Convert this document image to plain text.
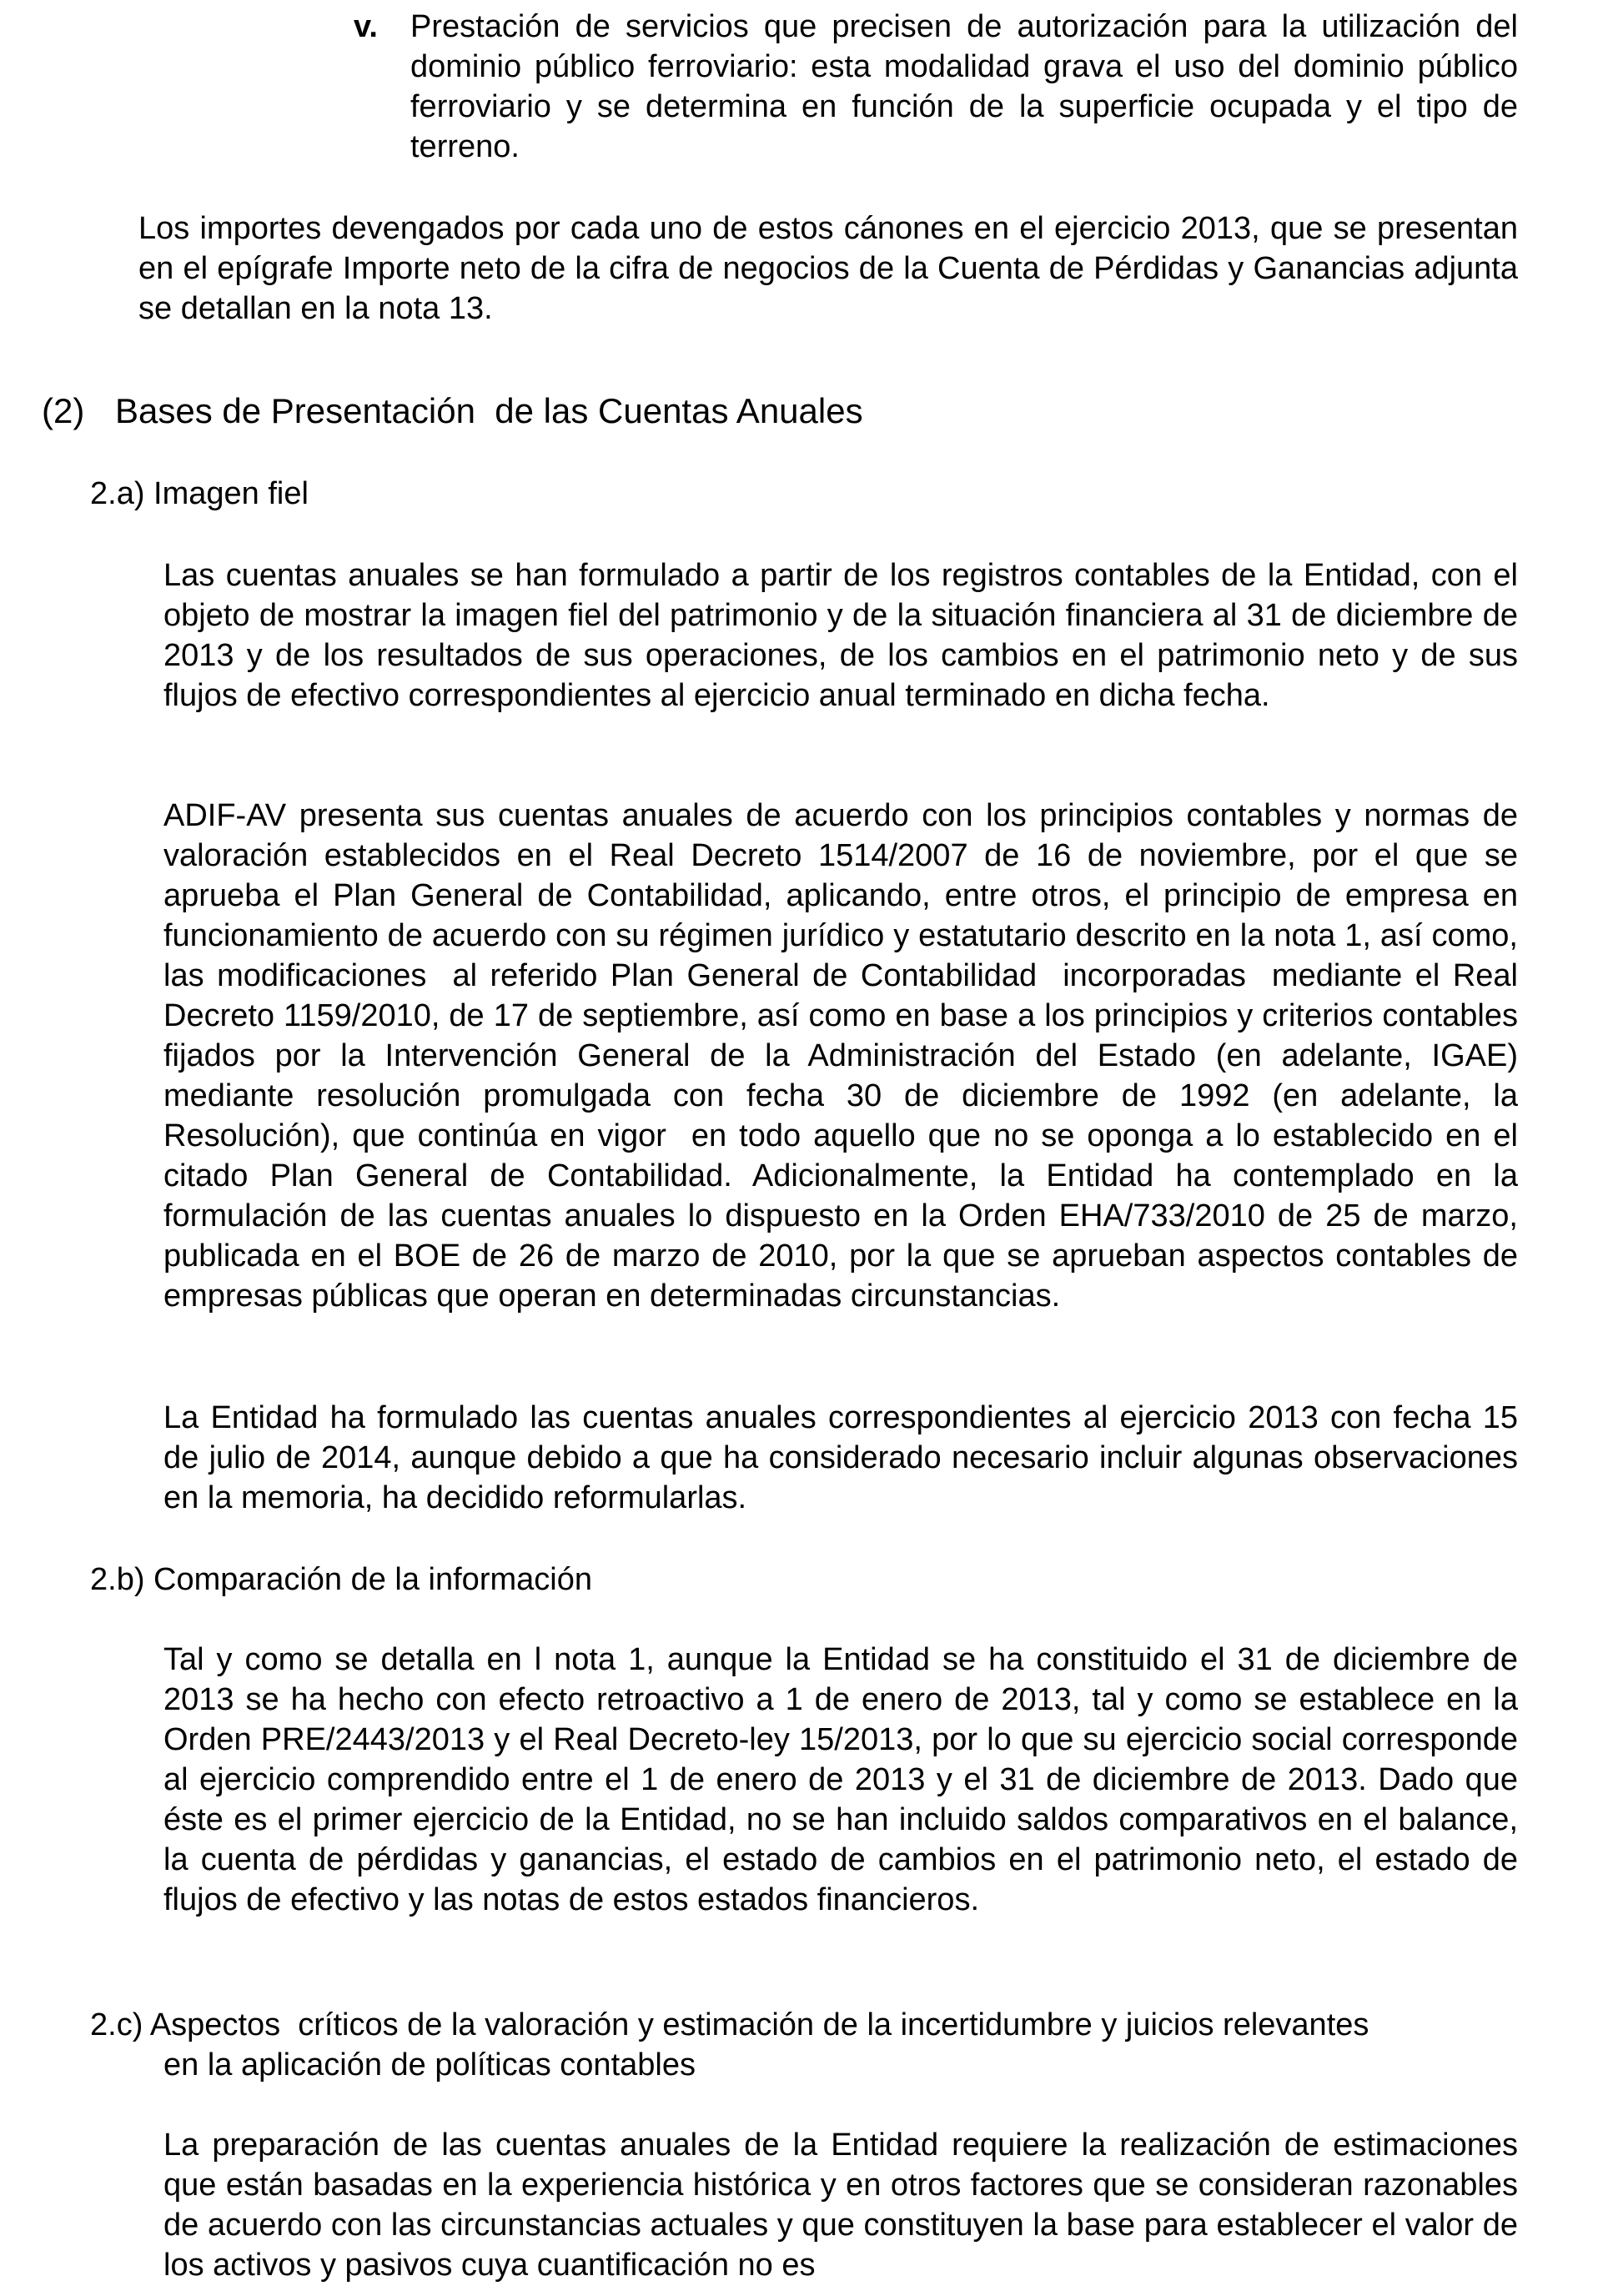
v. Prestación de servicios que precisen de autorización para la utilización del dominio público ferroviario: esta modalidad grava el uso del dominio público ferroviario y se determina en función de la superficie ocupada y el tipo de terreno.

Los importes devengados por cada uno de estos cánones en el ejercicio 2013, que se presentan en el epígrafe Importe neto de la cifra de negocios de la Cuenta de Pérdidas y Ganancias adjunta se detallan en la nota 13.

(2) Bases de Presentación  de las Cuentas Anuales
2.a) Imagen fiel

Las cuentas anuales se han formulado a partir de los registros contables de la Entidad, con el objeto de mostrar la imagen fiel del patrimonio y de la situación financiera al 31 de diciembre de 2013 y de los resultados de sus operaciones, de los cambios en el patrimonio neto y de sus flujos de efectivo correspondientes al ejercicio anual terminado en dicha fecha.

ADIF-AV presenta sus cuentas anuales de acuerdo con los principios contables y normas de valoración establecidos en el Real Decreto 1514/2007 de 16 de noviembre, por el que se aprueba el Plan General de Contabilidad, aplicando, entre otros, el principio de empresa en funcionamiento de acuerdo con su régimen jurídico y estatutario descrito en la nota 1, así como, las modificaciones  al referido Plan General de Contabilidad  incorporadas  mediante el Real Decreto 1159/2010, de 17 de septiembre, así como en base a los principios y criterios contables  fijados por la Intervención General de la Administración del Estado (en adelante, IGAE) mediante resolución promulgada con fecha 30 de diciembre de 1992 (en adelante, la Resolución), que continúa en vigor  en todo aquello que no se oponga a lo establecido en el citado Plan General de Contabilidad. Adicionalmente, la Entidad ha contemplado en la formulación de las cuentas anuales lo dispuesto en la Orden EHA/733/2010 de 25 de marzo, publicada en el BOE de 26 de marzo de 2010, por la que se aprueban aspectos contables de empresas públicas que operan en determinadas circunstancias.

La Entidad ha formulado las cuentas anuales correspondientes al ejercicio 2013 con fecha 15 de julio de 2014, aunque debido a que ha considerado necesario incluir algunas observaciones en la memoria, ha decidido reformularlas.

2.b) Comparación de la información

Tal y como se detalla en l nota 1, aunque la Entidad se ha constituido el 31 de diciembre de 2013 se ha hecho con efecto retroactivo a 1 de enero de 2013, tal y como se establece en la Orden PRE/2443/2013 y el Real Decreto-ley 15/2013, por lo que su ejercicio social corresponde al ejercicio comprendido entre el 1 de enero de 2013 y el 31 de diciembre de 2013. Dado que éste es el primer ejercicio de la Entidad, no se han incluido saldos comparativos en el balance, la cuenta de pérdidas y ganancias, el estado de cambios en el patrimonio neto, el estado de flujos de efectivo y las notas de estos estados financieros.

2.c) Aspectos  críticos de la valoración y estimación de la incertidumbre y juicios relevantes
en la aplicación de políticas contables

La preparación de las cuentas anuales de la Entidad requiere la realización de estimaciones que están basadas en la experiencia histórica y en otros factores que se consideran razonables de acuerdo con las circunstancias actuales y que constituyen la base para establecer el valor de los activos y pasivos cuya cuantificación no es
